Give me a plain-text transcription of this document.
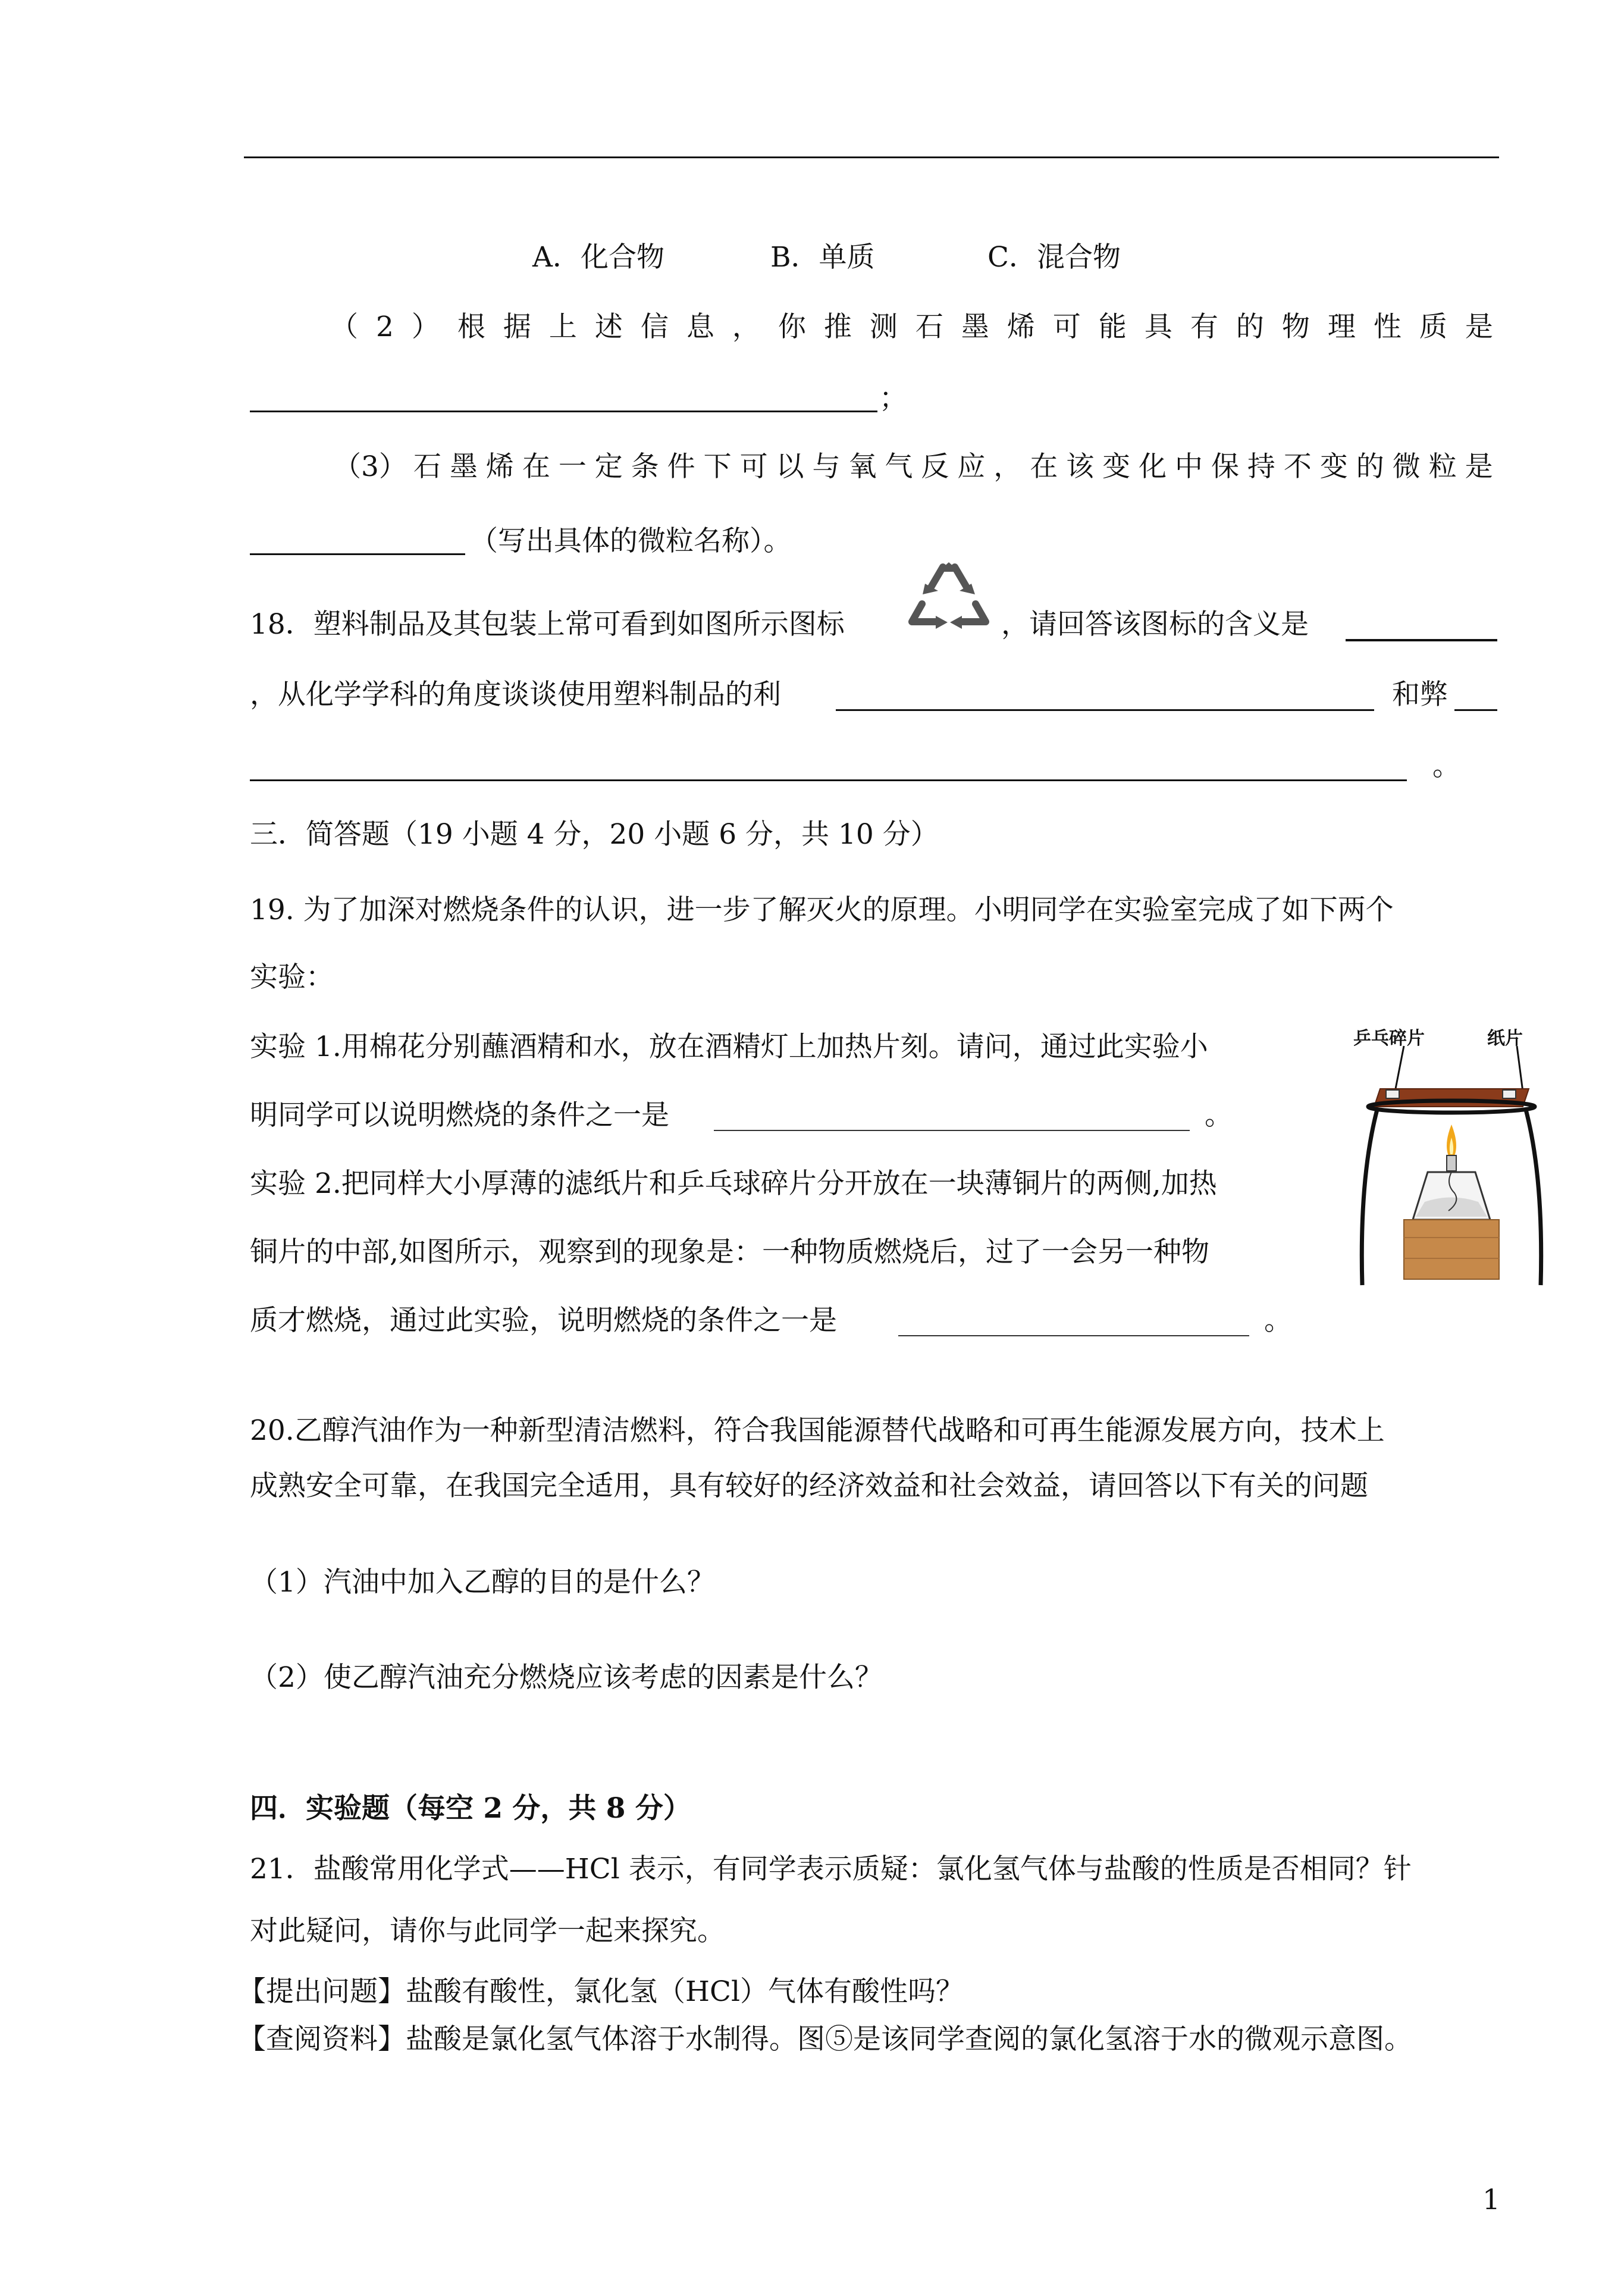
A．化合物	B．单质	C．混合物
（ 2 ） 根 据 上 述 信 息 ， 你 推 测 石 墨 烯 可 能 具 有 的 物 理 性 质 是
；
（3） 石 墨 烯 在 一 定 条 件 下 可 以 与 氧 气 反 应 ， 在 该 变 化 中 保 持 不 变 的 微 粒 是
（写出具体的微粒名称）。
18．塑料制品及其包装上常可看到如图所示图标	，请回答该图标的含义是
，从化学学科的角度谈谈使用塑料制品的利	和弊
。
三．简答题（19 小题 4 分，20 小题 6 分，共 10 分）
19. 为了加深对燃烧条件的认识，进一步了解灭火的原理。小明同学在实验室完成了如下两个
实验：
实验 1.用棉花分别蘸酒精和水，放在酒精灯上加热片刻。请问，通过此实验小
明同学可以说明燃烧的条件之一是	。
实验 2.把同样大小厚薄的滤纸片和乒乓球碎片分开放在一块薄铜片的两侧,加热
铜片的中部,如图所示，观察到的现象是：一种物质燃烧后，过了一会另一种物
质才燃烧，通过此实验，说明燃烧的条件之一是	。
乒乓碎片	纸片
20.乙醇汽油作为一种新型清洁燃料，符合我国能源替代战略和可再生能源发展方向，技术上
成熟安全可靠，在我国完全适用，具有较好的经济效益和社会效益，请回答以下有关的问题
（1）汽油中加入乙醇的目的是什么？
（2）使乙醇汽油充分燃烧应该考虑的因素是什么？
四．实验题（每空 2 分，共 8 分）
21．盐酸常用化学式——HCl 表示，有同学表示质疑：氯化氢气体与盐酸的性质是否相同？针
对此疑问，请你与此同学一起来探究。
【提出问题】盐酸有酸性，氯化氢（HCl）气体有酸性吗？
【查阅资料】盐酸是氯化氢气体溶于水制得。图⑤是该同学查阅的氯化氢溶于水的微观示意图。
1
